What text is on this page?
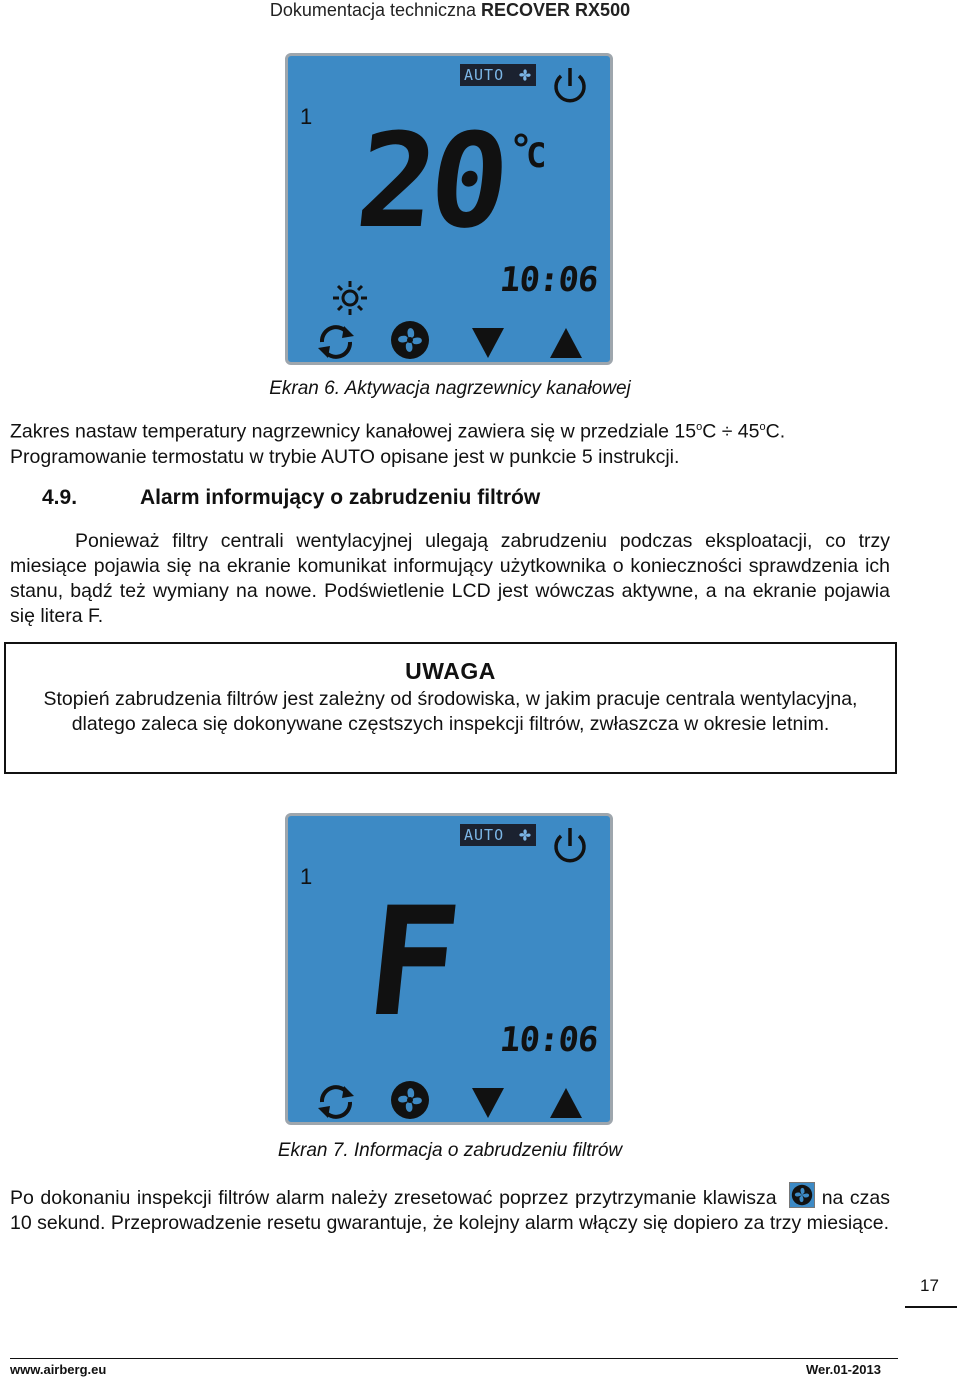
Dokumentacja techniczna RECOVER RX500
AUTO
1 20 C
10:06
Ekran 6. Aktywacja nagrzewnicy kanałowej
Zakres nastaw temperatury nagrzewnicy kanałowej zawiera się w przedziale $15^oC \div 45^oC$.
Programowanie termostatu w trybie AUTO opisane jest w punkcie 5 instrukcji.
4.9.	Alarm informujący o zabrudzeniu filtrów
Ponieważ filtry centrali wentylacyjnej ulegają zabrudzeniu podczas eksploatacji, co trzy miesiące pojawia się na ekranie komunikat informujący użytkownika o konieczności sprawdzenia ich stanu, bądź też wymiany na nowe. Podświetlenie LCD jest wówczas aktywne, a na ekranie pojawia się litera F.
UWAGA
Stopień zabrudzenia filtrów jest zależny od środowiska, w jakim pracuje centrala wentylacyjna, dlatego zaleca się dokonywane częstszych inspekcji filtrów, zwłaszcza w okresie letnim.
AUTO
1 F 10:06
Ekran 7. Informacja o zabrudzeniu filtrów
Po dokonaniu inspekcji filtrów alarm należy zresetować poprzez przytrzymanie klawisza na czas 10 sekund. Przeprowadzenie resetu gwarantuje, że kolejny alarm włączy się dopiero za trzy miesiące.
17
www.airberg.eu	Wer.01-2013
